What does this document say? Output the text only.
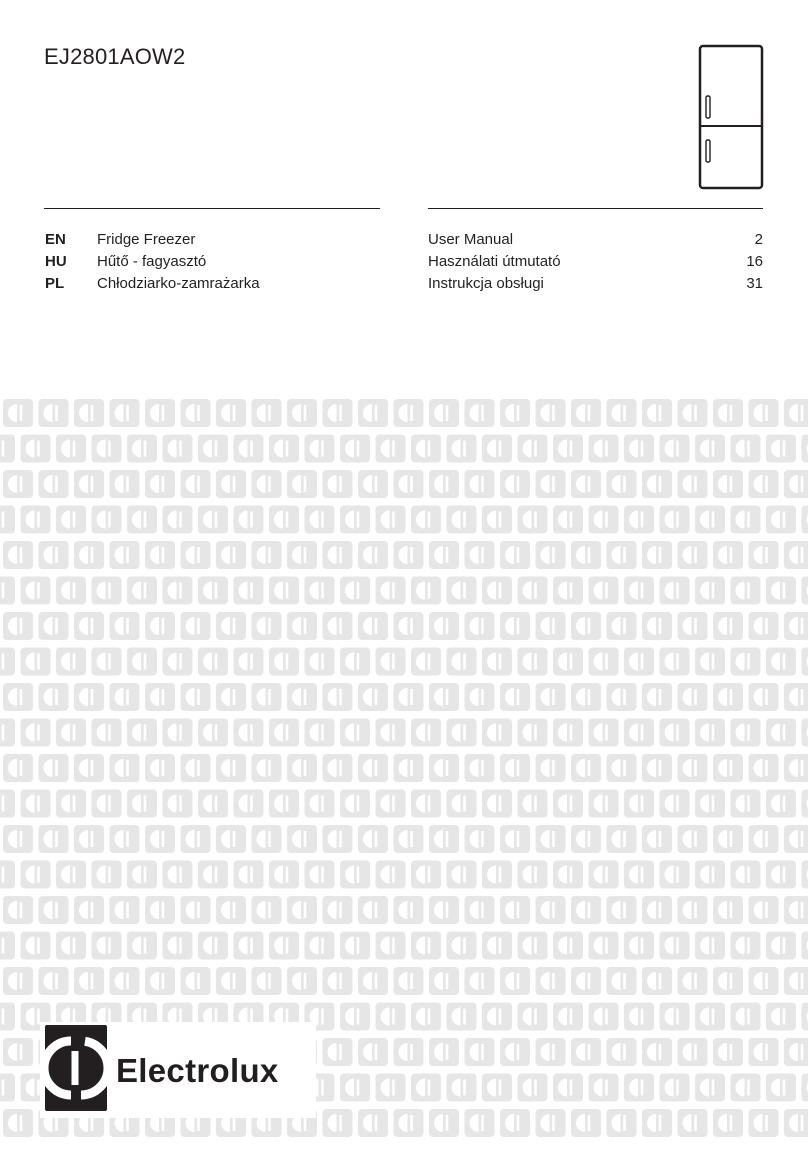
EJ2801AOW2
EN Fridge Freezer	User Manual	2
HU Hűtő - fagyasztó	Használati útmutató	16
PL Chłodziarko-zamrażarka	Instrukcja obsługi	31
Electrolux
